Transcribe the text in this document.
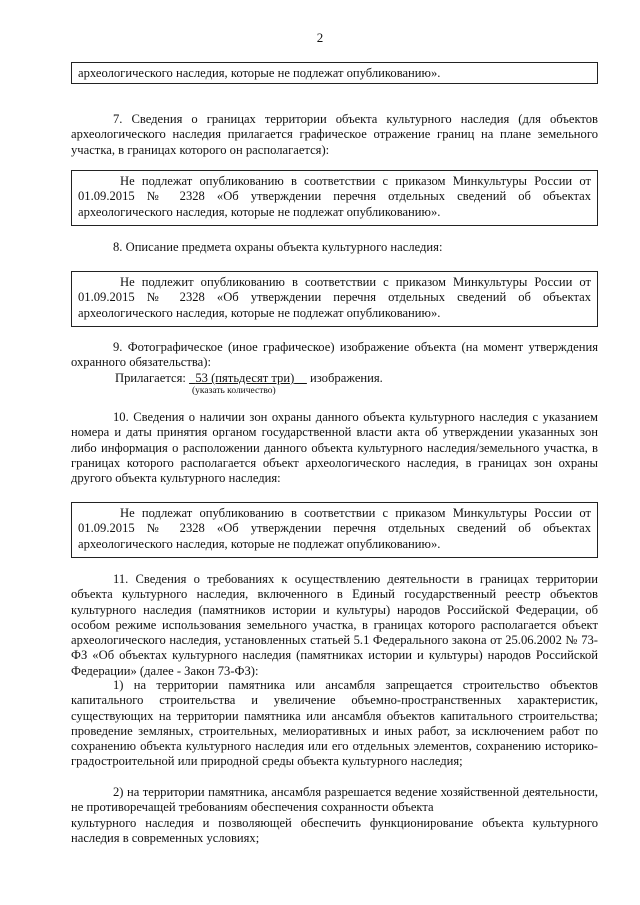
2
археологического наследия, которые не подлежат опубликованию».
7. Сведения о границах территории объекта культурного наследия (для объектов археологического наследия прилагается графическое отражение границ на плане земельного участка, в границах которого он располагается):
Не подлежат опубликованию в соответствии с приказом Минкультуры России от 01.09.2015 № 2328 «Об утверждении перечня отдельных сведений об объектах археологического наследия, которые не подлежат опубликованию».
8. Описание предмета охраны объекта культурного наследия:
Не подлежит опубликованию в соответствии с приказом Минкультуры России от 01.09.2015 № 2328 «Об утверждении перечня отдельных сведений об объектах археологического наследия, которые не подлежат опубликованию».
9. Фотографическое (иное графическое) изображение объекта (на момент утверждения охранного обязательства):
Прилагается: 53 (пятьдесят три) изображения.
(указать количество)
10. Сведения о наличии зон охраны данного объекта культурного наследия с указанием номера и даты принятия органом государственной власти акта об утверждении указанных зон либо информация о расположении данного объекта культурного наследия/земельного участка, в границах которого располагается объект археологического наследия, в границах зон охраны другого объекта культурного наследия:
Не подлежат опубликованию в соответствии с приказом Минкультуры России от 01.09.2015 № 2328 «Об утверждении перечня отдельных сведений об объектах археологического наследия, которые не подлежат опубликованию».
11. Сведения о требованиях к осуществлению деятельности в границах территории объекта культурного наследия, включенного в Единый государственный реестр объектов культурного наследия (памятников истории и культуры) народов Российской Федерации, об особом режиме использования земельного участка, в границах которого располагается объект археологического наследия, установленных статьей 5.1 Федерального закона от 25.06.2002 № 73-ФЗ «Об объектах культурного наследия (памятниках истории и культуры) народов Российской Федерации» (далее - Закон 73-ФЗ):
1) на территории памятника или ансамбля запрещается строительство объектов капитального строительства и увеличение объемно-пространственных характеристик, существующих на территории памятника или ансамбля объектов капитального строительства; проведение земляных, строительных, мелиоративных и иных работ, за исключением работ по сохранению объекта культурного наследия или его отдельных элементов, сохранению историко-градостроительной или природной среды объекта культурного наследия;
2) на территории памятника, ансамбля разрешается ведение хозяйственной деятельности, не противоречащей требованиям обеспечения сохранности объекта
культурного наследия и позволяющей обеспечить функционирование объекта культурного наследия в современных условиях;
